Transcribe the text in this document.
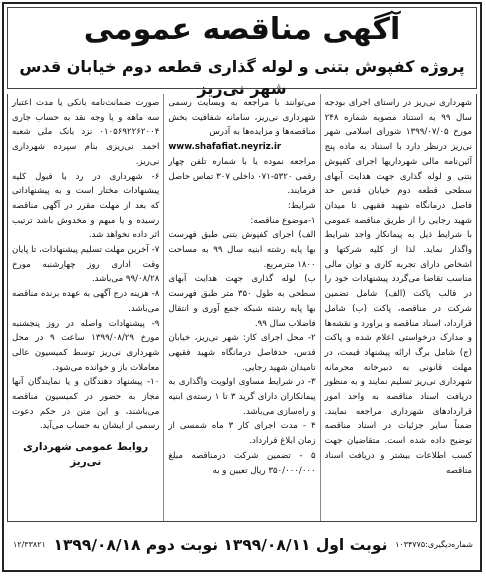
آگهی مناقصه عمومی
پروژه کفپوش بتنی و لوله گذاری قطعه دوم خیابان قدس شهر نی‌ریز

شهرداری نی‌ریز در راستای اجرای بودجه سال ۹۹ به استناد مصوبه شماره ۲۴۸ مورخ ۱۳۹۹/۰۷/۰۵ شورای اسلامی شهر نی‌ریز درنظر دارد با استناد به ماده پنج آئین‌نامه مالی شهرداریها اجرای کفپوش بتنی و لوله گذاری جهت هدایت آبهای سطحی قطعه دوم خیابان قدس حد فاصل درمانگاه شهید فقیهی تا میدان شهید رجایی را از طریق مناقصه عمومی با شرایط ذیل به پیمانکار واجد شرایط واگذار نماید. لذا از کلیه شرکتها و اشخاص دارای تجربه کاری و توان مالی مناسب تقاضا می‌گردد پیشنهادات خود را در قالب پاکت (الف) شامل تضمین شرکت در مناقصه، پاکت (ب) شامل قرارداد، اسناد مناقصه و براورد و نقشه‌ها و مدارک درخواستی اعلام شده و پاکت (ج) شامل برگ ارائه پیشنهاد قیمت، در مهلت قانونی به دبیرخانه محرمانه شهرداری نی‌ریز تسلیم نمایند و به منظور دریافت اسناد مناقصه به واحد امور قراردادهای شهرداری مراجعه نمایند. ضمناً سایر جزئیات در اسناد مناقصه توضیح داده شده است. متقاضیان جهت کسب اطلاعات بیشتر و دریافت اسناد مناقصه

می‌توانند با مراجعه به وبسایت رسمی شهرداری نی‌ریز، سامانه شفافیت بخش مناقصه‌ها و مزایده‌ها به آدرس

www.shafafiat.neyriz.ir

مراجعه نموده یا با شماره تلفن چهار رقمی ۵۳۲۰-۰۷۱ داخلی ۳۰۷ تماس حاصل فرمایند.

شرایط:

۱-موضوع مناقصه:

الف) اجرای کفپوش بتنی طبق فهرست بها پایه رشته ابنیه سال ۹۹ به مساحت ۱۸۰۰ مترمربع.

ب) لوله گذاری جهت هدایت آبهای سطحی به طول ۳۵۰ متر طبق فهرست بها پایه رشته شبکه جمع آوری و انتقال فاضلاب سال ۹۹.

۲- محل اجرای کار: شهر نی‌ریز، خیابان قدس، حدفاصل درمانگاه شهید فقیهی تامیدان شهید رجایی.

۳- در شرایط مساوی اولویت واگذاری به پیمانکاران دارای گرید ۳ تا ۱ رسته‌ی ابنیه و راه‌سازی می‌باشد.

۴ - مدت اجرای کار ۳ ماه شمسی از زمان ابلاغ قرارداد.

۵ - تضمین شرکت درمناقصه مبلغ ۳۵۰/۰۰۰/۰۰۰ ریال تعیین و به

صورت ضمانت‌نامه بانکی یا مدت اعتبار سه ماهه و یا وجه نقد به حساب جاری ۰۱۰۵۶۹۲۲۶۲۰۰۴ نزد بانک ملی شعبه احمد نی‌ریزی بنام سپرده شهرداری نی‌ریز.

۶- شهرداری در رد یا قبول کلیه پیشنهادات مختار است و به پیشنهاداتی که بعد از مهلت مقرر در آگهی مناقصه رسیده و یا مبهم و مخدوش باشد ترتیب اثر داده نخواهد شد.

۷- آخرین مهلت تسلیم پیشنهادات، تا پایان وقت اداری روز چهارشنبه مورخ ۹۹/۰۸/۲۸ می‌باشد.

۸- هزینه درج آگهی به عهده برنده مناقصه می‌باشد.

۹- پیشنهادات واصله در روز پنجشنبه مورخ ۱۳۹۹/۰۸/۲۹ ساعت ۹ در محل شهرداری نی‌ریز توسط کمیسیون عالی معاملات باز و خوانده می‌شود.

۱۰- پیشنهاد دهندگان و یا نمایندگان آنها مجاز به حضور در کمیسیون مناقصه می‌باشند، و این متن در حکم دعوت رسمی از ایشان به حساب می‌آید.

روابط عمومی شهرداری نی‌ریز
شماره‌دیگیری:۱۰۳۴۷۷۵
نوبت اول ۱۳۹۹/۰۸/۱۱ نوبت دوم ۱۳۹۹/۰۸/۱۸
۱۲/۳۳۸۲۱
